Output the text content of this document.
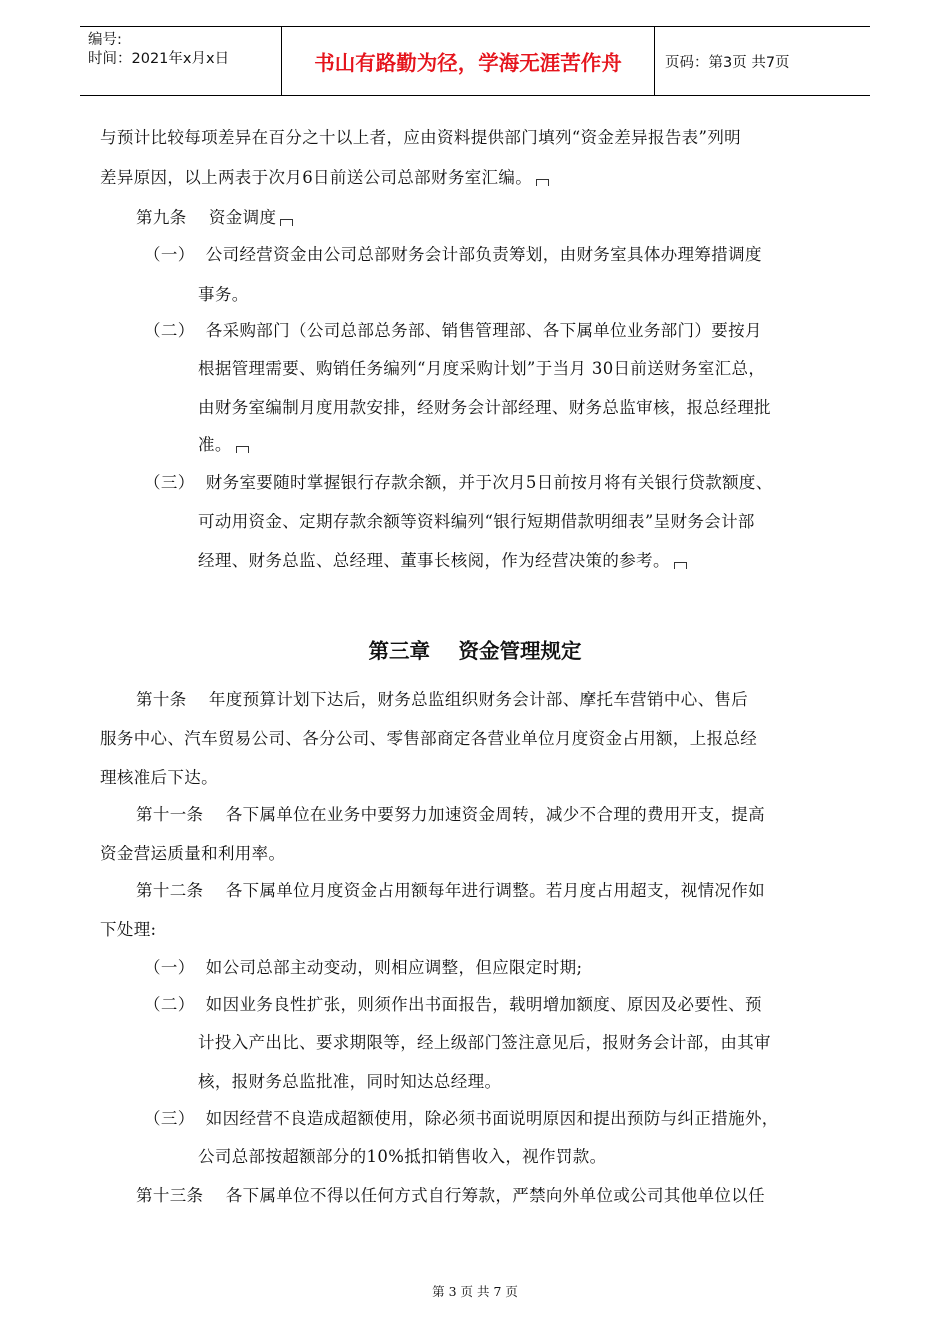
编号:
时间：2021年x月x日	书山有路勤为径，学海无涯苦作舟	页码：第3页 共7页
与预计比较每项差异在百分之十以上者，应由资料提供部门填列“资金差异报告表”列明
差异原因，以上两表于次月6日前送公司总部财务室汇编。
第九条    资金调度
（一）  公司经营资金由公司总部财务会计部负责筹划，由财务室具体办理筹措调度
事务。
（二）  各采购部门（公司总部总务部、销售管理部、各下属单位业务部门）要按月
根据管理需要、购销任务编列“月度采购计划”于当月 30日前送财务室汇总，
由财务室编制月度用款安排，经财务会计部经理、财务总监审核，报总经理批
准。
（三）  财务室要随时掌握银行存款余额，并于次月5日前按月将有关银行贷款额度、
可动用资金、定期存款余额等资料编列“银行短期借款明细表”呈财务会计部
经理、财务总监、总经理、董事长核阅，作为经营决策的参考。
第三章    资金管理规定
第十条    年度预算计划下达后，财务总监组织财务会计部、摩托车营销中心、售后
服务中心、汽车贸易公司、各分公司、零售部商定各营业单位月度资金占用额，上报总经
理核准后下达。
第十一条    各下属单位在业务中要努力加速资金周转，减少不合理的费用开支，提高
资金营运质量和利用率。
第十二条    各下属单位月度资金占用额每年进行调整。若月度占用超支，视情况作如
下处理:
（一）  如公司总部主动变动，则相应调整，但应限定时期;
（二）  如因业务良性扩张，则须作出书面报告，载明增加额度、原因及必要性、预
计投入产出比、要求期限等，经上级部门签注意见后，报财务会计部，由其审
核，报财务总监批准，同时知达总经理。
（三）  如因经营不良造成超额使用，除必须书面说明原因和提出预防与纠正措施外，
公司总部按超额部分的10%抵扣销售收入，视作罚款。
第十三条    各下属单位不得以任何方式自行筹款，严禁向外单位或公司其他单位以任
第 3 页 共 7 页
